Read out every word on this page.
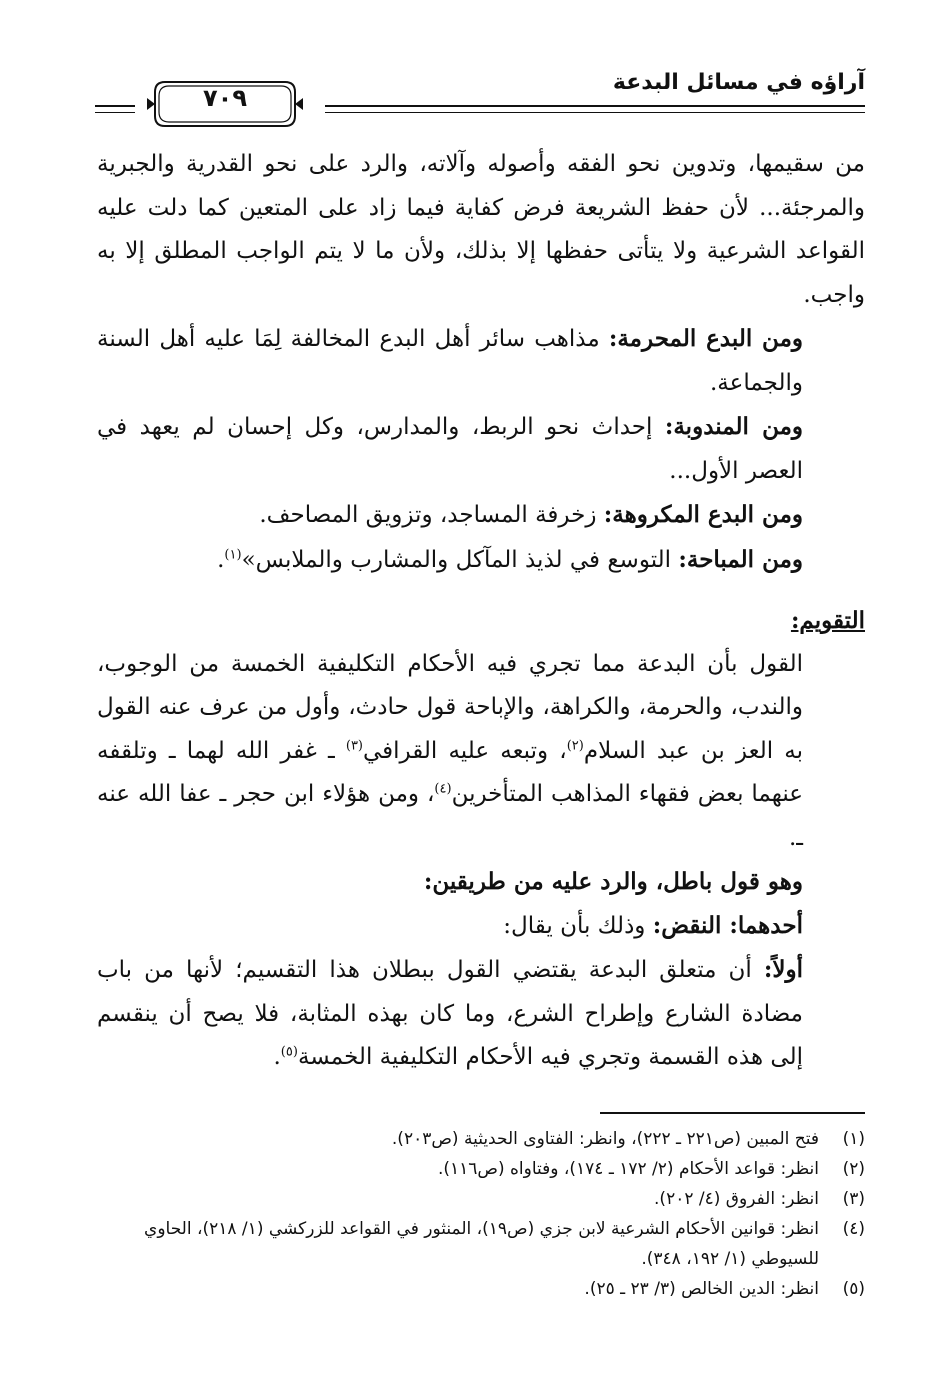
آراؤه في مسائل البدعة
٧٠٩

من سقيمها، وتدوين نحو الفقه وأصوله وآلاته، والرد على نحو القدرية والجبرية والمرجئة... لأن حفظ الشريعة فرض كفاية فيما زاد على المتعين كما دلت عليه القواعد الشرعية ولا يتأتى حفظها إلا بذلك، ولأن ما لا يتم الواجب المطلق إلا به واجب.

ومن البدع المحرمة: مذاهب سائر أهل البدع المخالفة لِمَا عليه أهل السنة والجماعة.

ومن المندوبة: إحداث نحو الربط، والمدارس، وكل إحسان لم يعهد في العصر الأول...

ومن البدع المكروهة: زخرفة المساجد، وتزويق المصاحف.

ومن المباحة: التوسع في لذيذ المآكل والمشارب والملابس»$^{(١)}$.

التقويم:

القول بأن البدعة مما تجري فيه الأحكام التكليفية الخمسة من الوجوب، والندب، والحرمة، والكراهة، والإباحة قول حادث، وأول من عرف عنه القول به العز بن عبد السلام$^{(٢)}$، وتبعه عليه القرافي$^{(٣)}$ ـ غفر الله لهما ـ وتلقفه عنهما بعض فقهاء المذاهب المتأخرين$^{(٤)}$، ومن هؤلاء ابن حجر ـ عفا الله عنه ـ.

وهو قول باطل، والرد عليه من طريقين:

أحدهما: النقض: وذلك بأن يقال:

أولاً: أن متعلق البدعة يقتضي القول ببطلان هذا التقسيم؛ لأنها من باب مضادة الشارع وإطراح الشرع، وما كان بهذه المثابة، فلا يصح أن ينقسم إلى هذه القسمة وتجري فيه الأحكام التكليفية الخمسة$^{(٥)}$.

(١)
فتح المبين (ص٢٢١ ـ ٢٢٢)، وانظر: الفتاوى الحديثية (ص٢٠٣).
(٢)
انظر: قواعد الأحكام (٢/ ١٧٢ ـ ١٧٤)، وفتاواه (ص١١٦).
(٣)
انظر: الفروق (٤/ ٢٠٢).
(٤)
انظر: قوانين الأحكام الشرعية لابن جزي (ص١٩)، المنثور في القواعد للزركشي (١/ ٢١٨)، الحاوي للسيوطي (١/ ١٩٢، ٣٤٨).
(٥)
انظر: الدين الخالص (٣/ ٢٣ ـ ٢٥).
